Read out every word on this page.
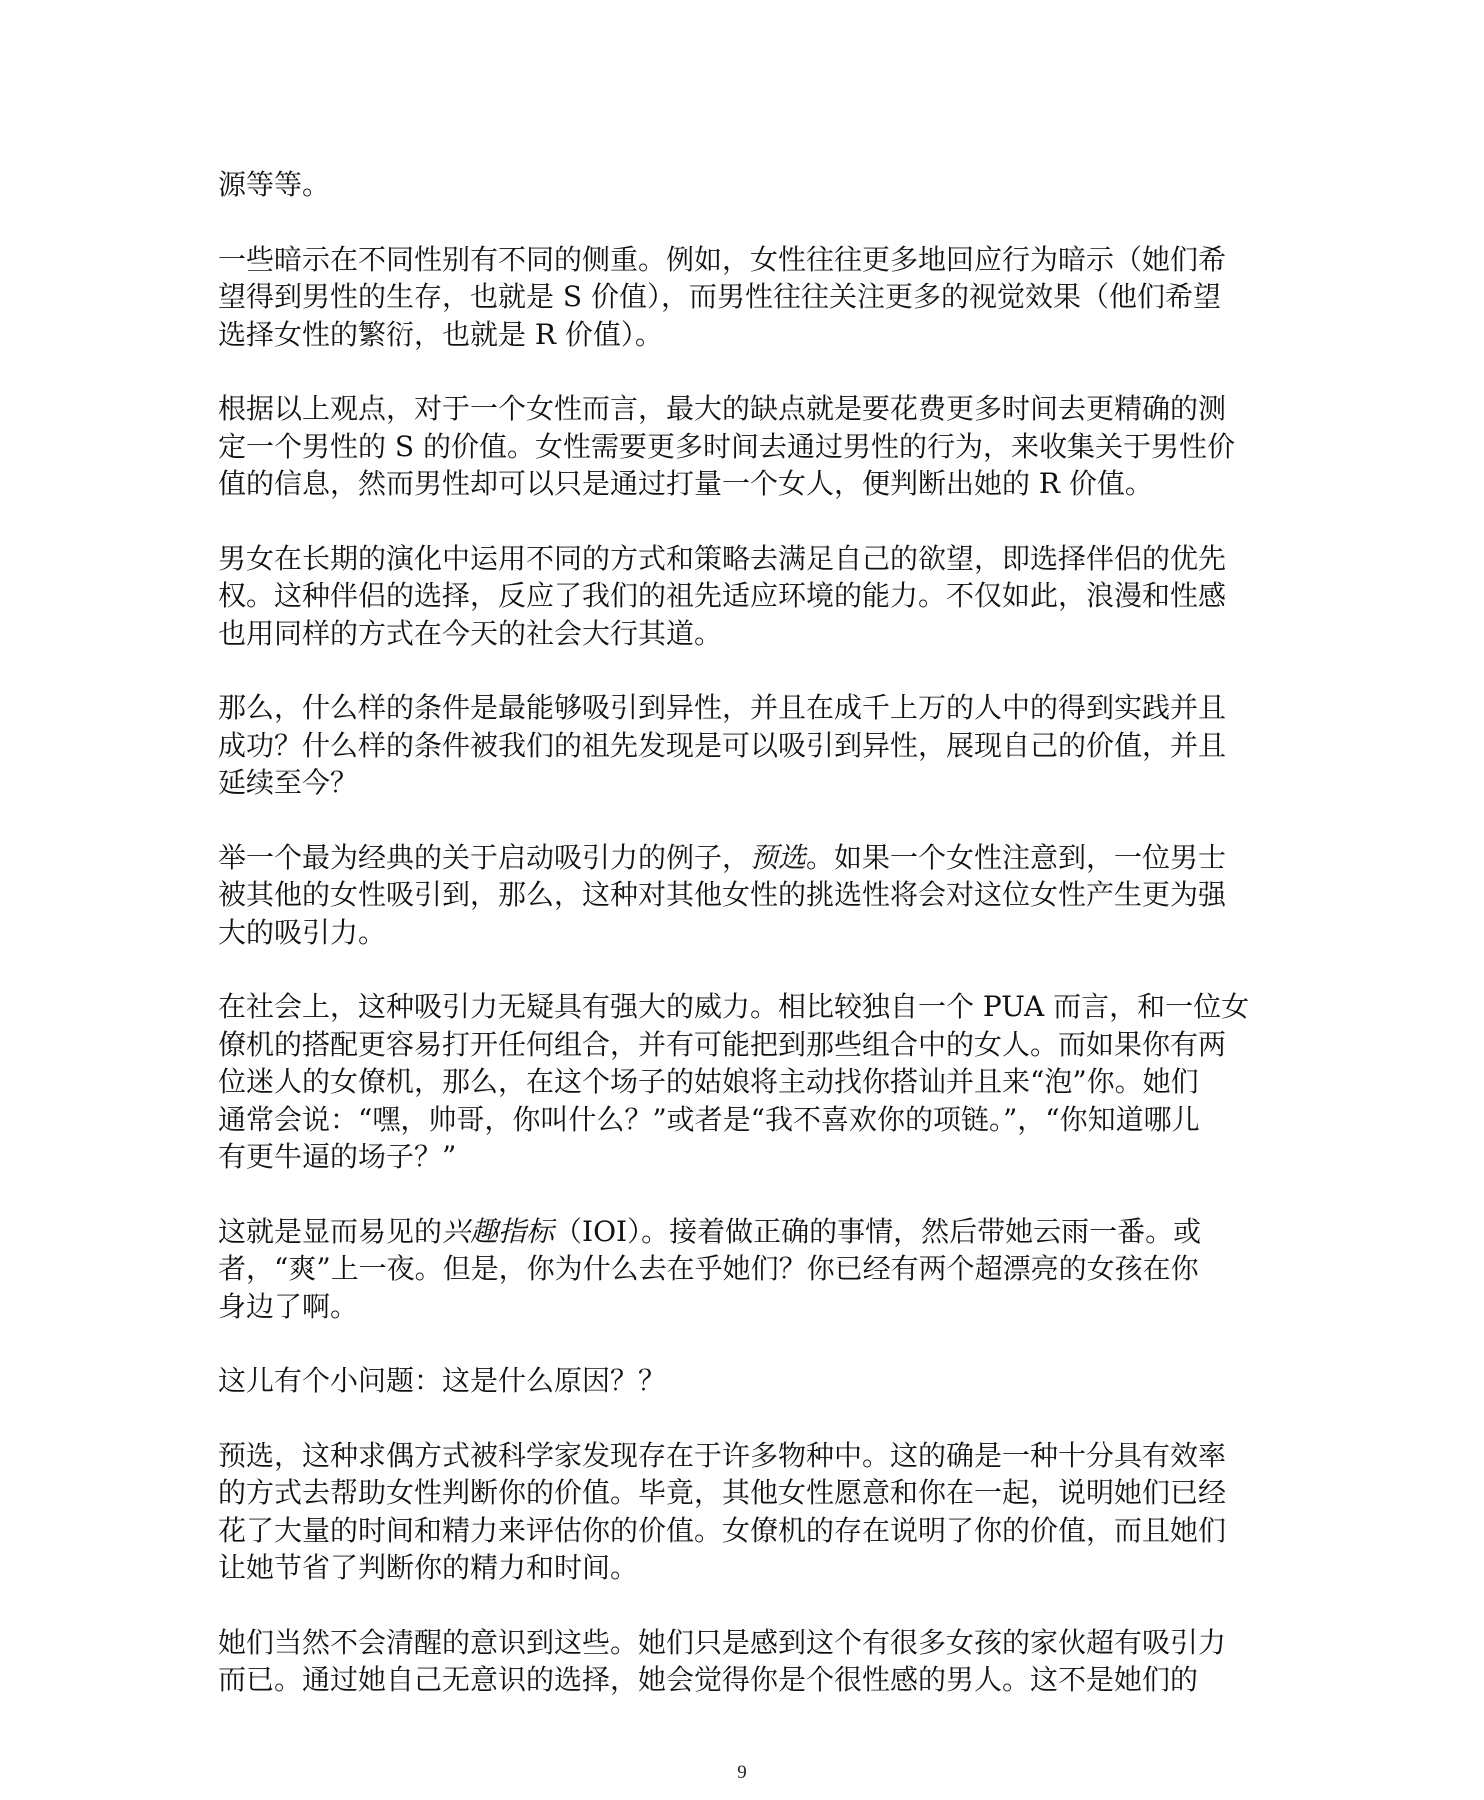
源等等。

一些暗示在不同性别有不同的侧重。例如，女性往往更多地回应行为暗示（她们希
望得到男性的生存，也就是 S 价值），而男性往往关注更多的视觉效果（他们希望
选择女性的繁衍，也就是 R 价值）。

根据以上观点，对于一个女性而言，最大的缺点就是要花费更多时间去更精确的测
定一个男性的 S 的价值。女性需要更多时间去通过男性的行为，来收集关于男性价
值的信息，然而男性却可以只是通过打量一个女人，便判断出她的 R 价值。

男女在长期的演化中运用不同的方式和策略去满足自己的欲望，即选择伴侣的优先
权。这种伴侣的选择，反应了我们的祖先适应环境的能力。不仅如此，浪漫和性感
也用同样的方式在今天的社会大行其道。

那么，什么样的条件是最能够吸引到异性，并且在成千上万的人中的得到实践并且
成功？什么样的条件被我们的祖先发现是可以吸引到异性，展现自己的价值，并且
延续至今？

举一个最为经典的关于启动吸引力的例子，预选。如果一个女性注意到，一位男士
被其他的女性吸引到，那么，这种对其他女性的挑选性将会对这位女性产生更为强
大的吸引力。

在社会上，这种吸引力无疑具有强大的威力。相比较独自一个 PUA 而言，和一位女
僚机的搭配更容易打开任何组合，并有可能把到那些组合中的女人。而如果你有两
位迷人的女僚机，那么，在这个场子的姑娘将主动找你搭讪并且来“泡”你。她们
通常会说：“嘿，帅哥，你叫什么？”或者是“我不喜欢你的项链。”，“你知道哪儿
有更牛逼的场子？”

这就是显而易见的兴趣指标（IOI）。接着做正确的事情，然后带她云雨一番。或
者，“爽”上一夜。但是，你为什么去在乎她们？你已经有两个超漂亮的女孩在你
身边了啊。

这儿有个小问题：这是什么原因？？

预选，这种求偶方式被科学家发现存在于许多物种中。这的确是一种十分具有效率
的方式去帮助女性判断你的价值。毕竟，其他女性愿意和你在一起，说明她们已经
花了大量的时间和精力来评估你的价值。女僚机的存在说明了你的价值，而且她们
让她节省了判断你的精力和时间。

她们当然不会清醒的意识到这些。她们只是感到这个有很多女孩的家伙超有吸引力
而已。通过她自己无意识的选择，她会觉得你是个很性感的男人。这不是她们的

9
